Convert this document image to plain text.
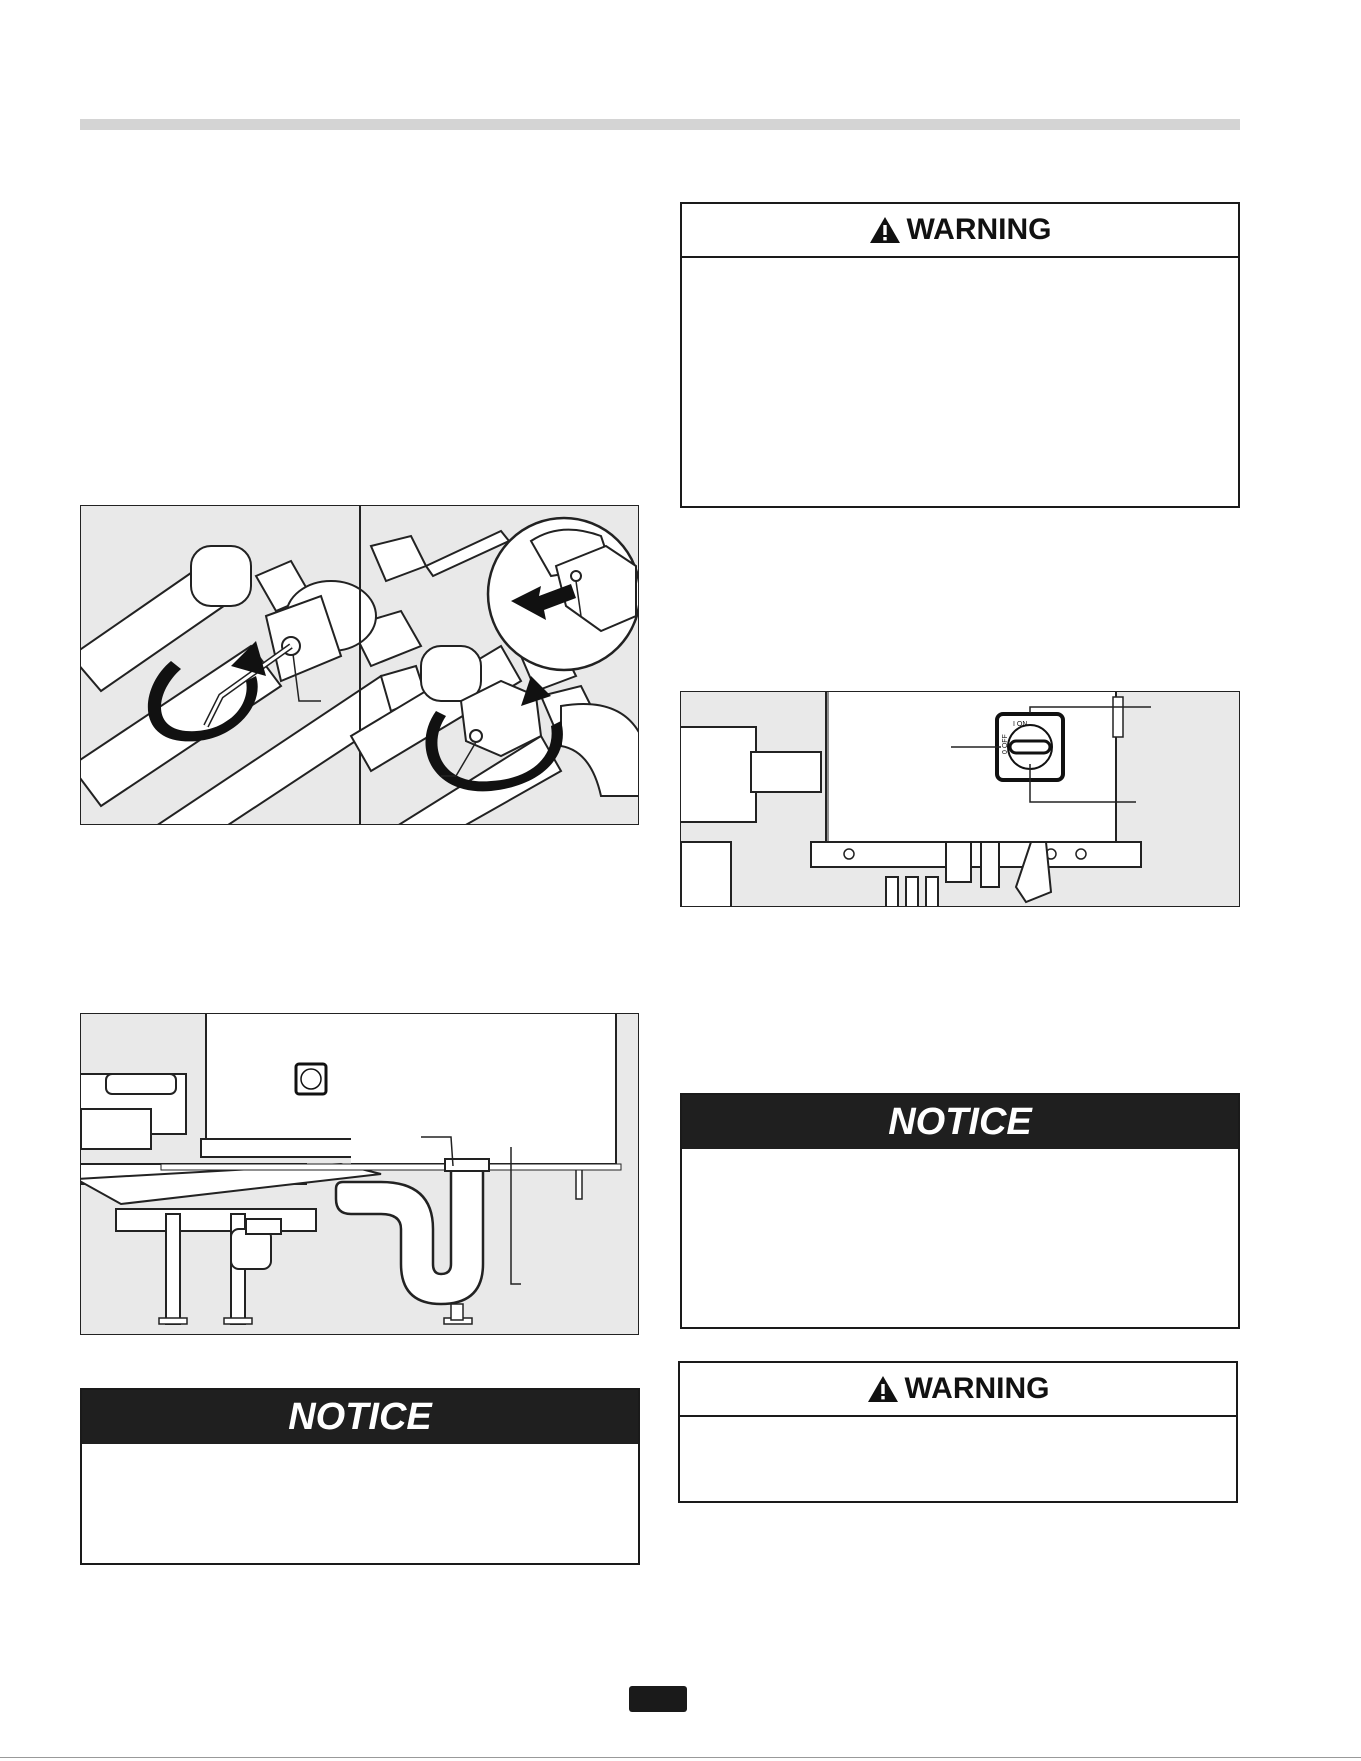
WARNING
I ON
0 OFF
NOTICE
WARNING
NOTICE
